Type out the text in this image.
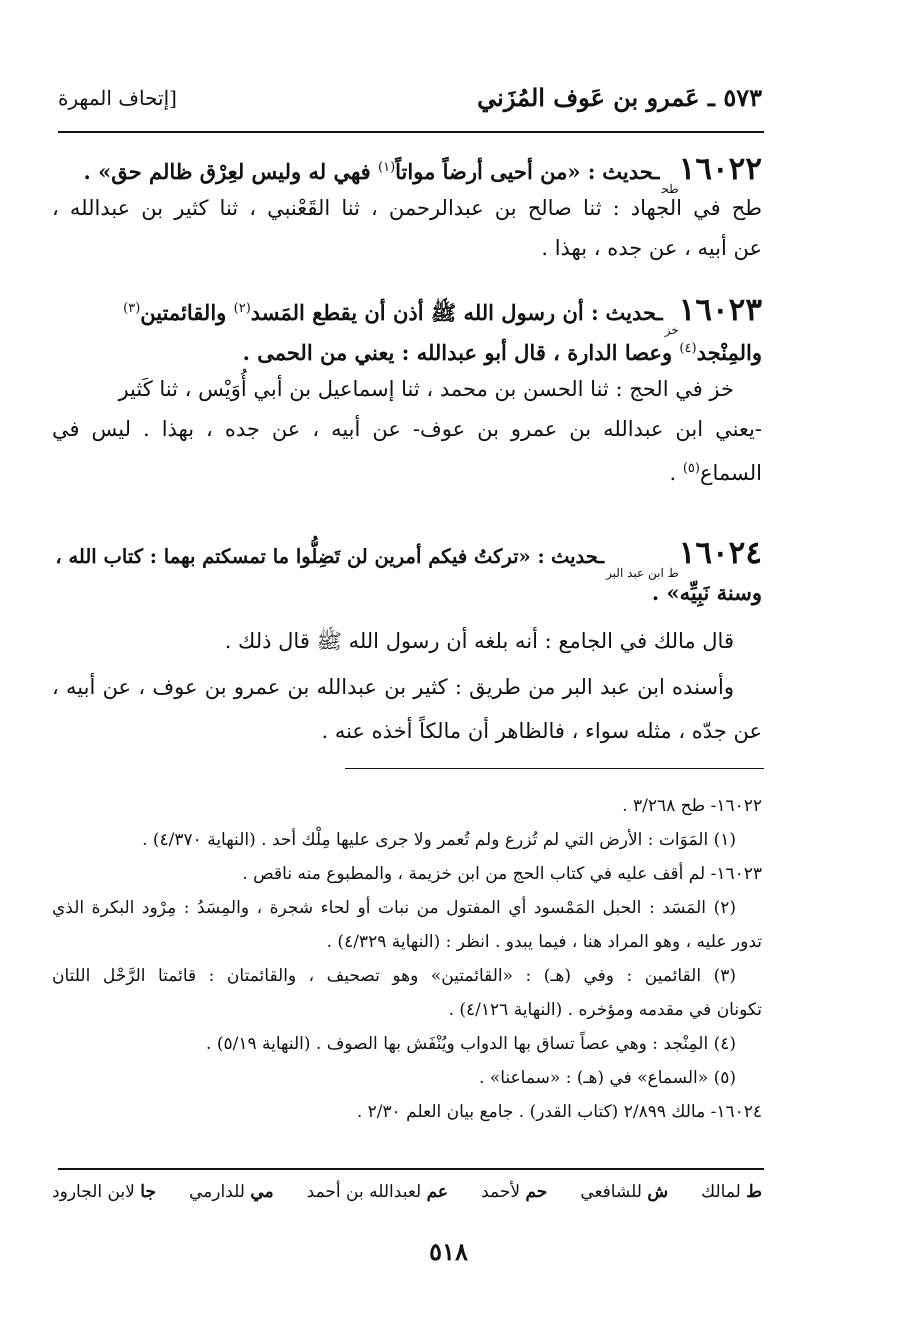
٥٧٣ ـ عَمرو بن عَوف المُزَني
[إتحاف المهرة
$١٦٠٢٢_{طح}ـحديث$ : «من أحيى أرضاً مواتاً$^{(١)}$ فهي له وليس لعِرْق ظالم حق» .
طح في الجهاد : ثنا صالح بن عبدالرحمن ، ثنا القَعْنبي ، ثنا كثير بن عبدالله ،
عن أبيه ، عن جده ، بهذا .
$١٦٠٢٣_{خز}ـحديث$ : أن رسول الله ﷺ أذن أن يقطع المَسد$^{(٢)}$ والقائمتين$^{(٣)}$
والمِنْجد$^{(٤)}$ وعصا الدارة ، قال أبو عبدالله : يعني من الحمى .
خز في الحج : ثنا الحسن بن محمد ، ثنا إسماعيل بن أبي أُوَيْس ، ثنا كَثير
-يعني ابن عبدالله بن عمرو بن عوف- عن أبيه ، عن جده ، بهذا . ليس في
السماع$^{(٥)}$ .
$١٦٠٢٤_{ط ابن عبد البر}ـحديث$ : «تركتُ فيكم أمرين لن تَضِلُّوا ما تمسكتم بهما : كتاب الله ،
وسنة نَبِيِّه» .
قال مالك في الجامع : أنه بلغه أن رسول الله ﷺ قال ذلك .
وأسنده ابن عبد البر من طريق : كثير بن عبدالله بن عمرو بن عوف ، عن أبيه ،
عن جدّه ، مثله سواء ، فالظاهر أن مالكاً أخذه عنه .
١٦٠٢٢- طح ٣/٢٦٨ .
(١) المَوَات : الأرض التي لم تُزرع ولم تُعمر ولا جرى عليها مِلْك أحد . (النهاية ٤/٣٧٠) .
١٦٠٢٣- لم أقف عليه في كتاب الحج من ابن خزيمة ، والمطبوع منه ناقص .
(٢) المَسَد : الحبل المَمْسود أي المفتول من نبات أو لحاء شجرة ، والمِسَدُ : مِرْود البكرة الذي
تدور عليه ، وهو المراد هنا ، فيما يبدو . انظر : (النهاية ٤/٣٢٩) .
(٣) القائمين : وفي (هـ) : «القائمتين» وهو تصحيف ، والقائمتان : قائمتا الرَّحْل اللتان
تكونان في مقدمه ومؤخره . (النهاية ٤/١٢٦) .
(٤) المِنْجد : وهي عصاً تساق بها الدواب ويُنْفَش بها الصوف . (النهاية ٥/١٩) .
(٥) «السماع» في (هـ) : «سماعنا» .
١٦٠٢٤- مالك ٢/٨٩٩ (كتاب القدر) . جامع بيان العلم ٢/٣٠ .
ط لمالك
ش للشافعي
حم لأحمد
عم لعبدالله بن أحمد
مي للدارمي
جا لابن الجارود
٥١٨
